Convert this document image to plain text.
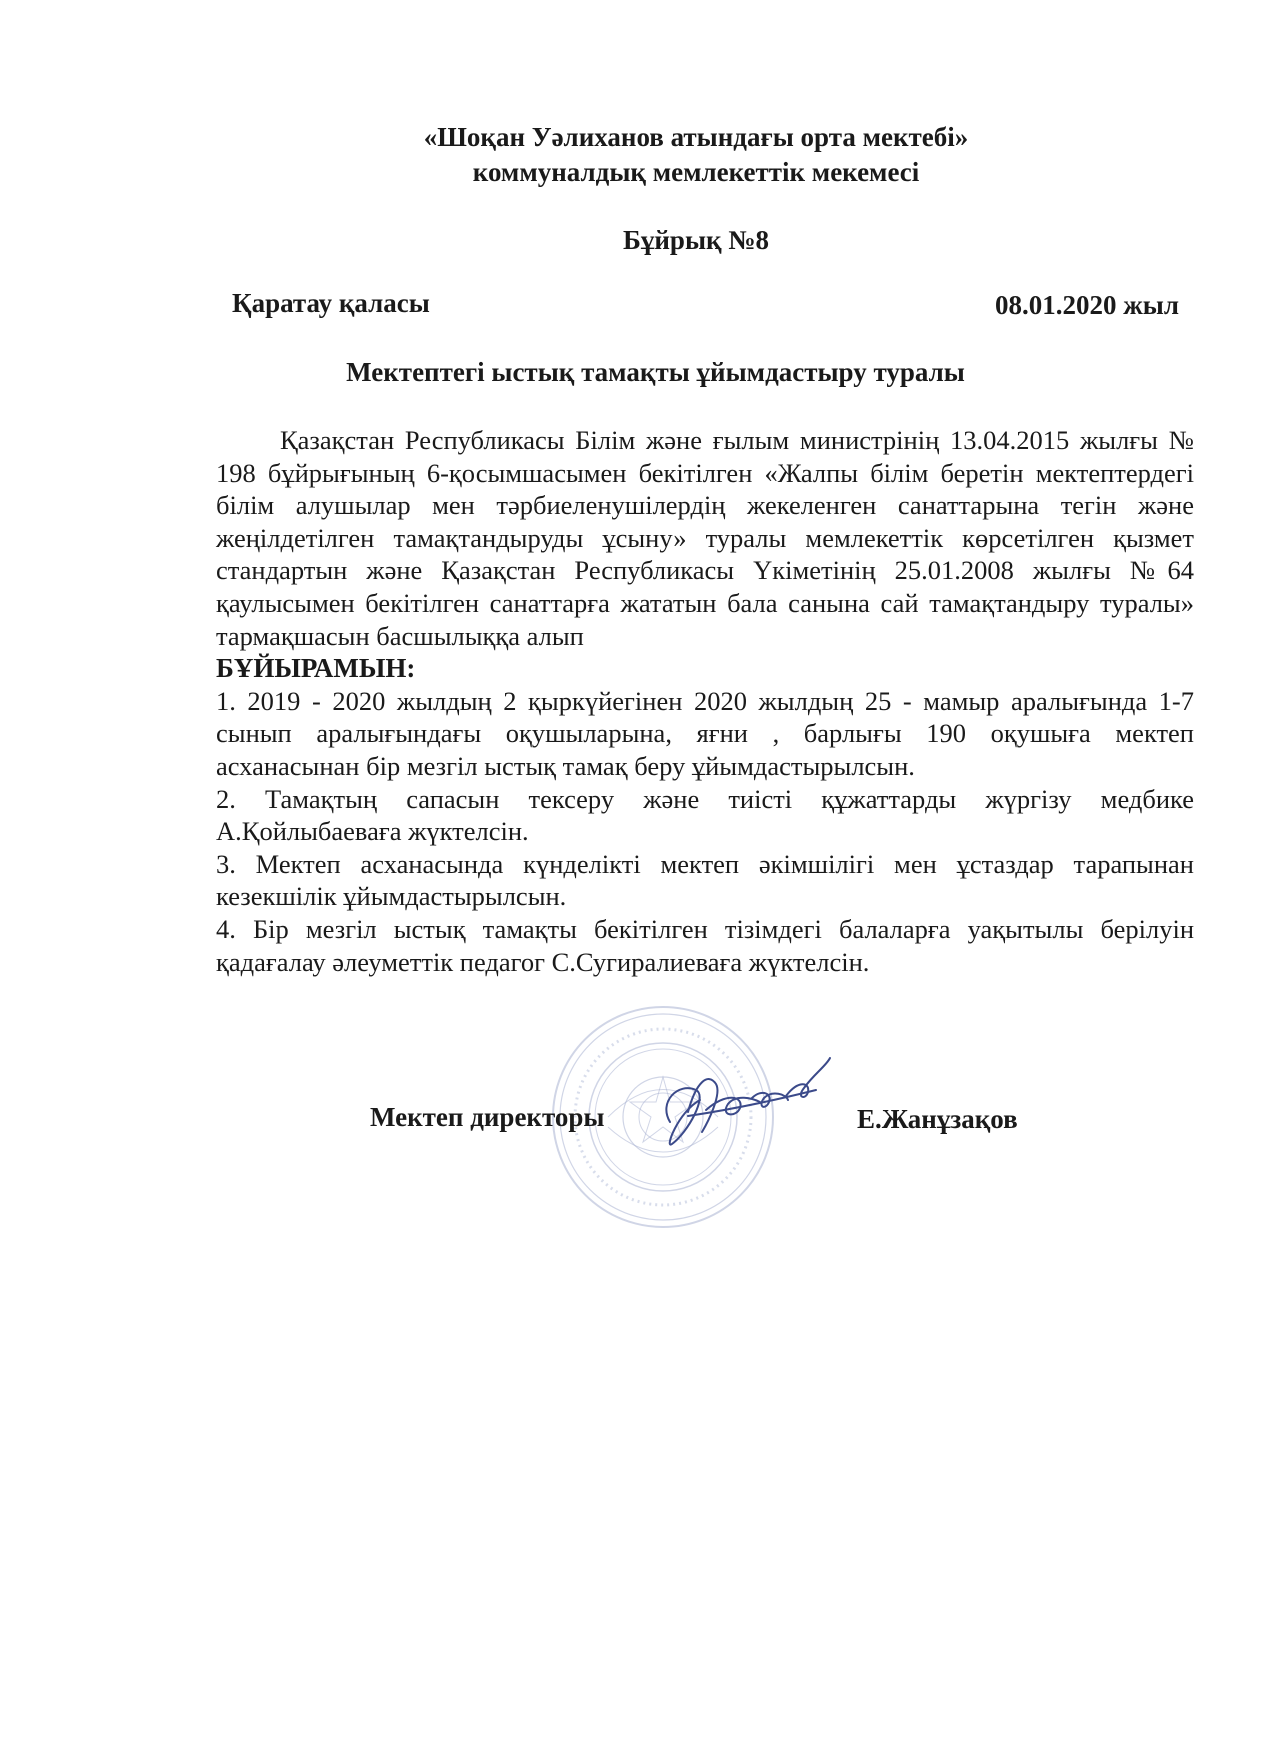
«Шоқан Уәлиханов атындағы орта мектебі»
коммуналдық мемлекеттік мекемесі
Бұйрық №8
Қаратау қаласы	08.01.2020 жыл
Мектептегі ыстық тамақты ұйымдастыру туралы

Қазақстан Республикасы Білім және ғылым министрінің 13.04.2015 жылғы № 198 бұйрығының 6-қосымшасымен бекітілген «Жалпы білім беретін мектептердегі білім алушылар мен тәрбиеленушілердің жекеленген санаттарына тегін және жеңілдетілген тамақтандыруды ұсыну» туралы мемлекеттік көрсетілген қызмет стандартын және Қазақстан Республикасы Үкіметінің 25.01.2008 жылғы №64 қаулысымен бекітілген санаттарға жататын бала санына сай тамақтандыру туралы» тармақшасын басшылыққа алып

БҰЙЫРАМЫН:

1. 2019 - 2020 жылдың 2 қыркүйегінен 2020 жылдың 25 - мамыр аралығында 1-7 сынып аралығындағы оқушыларына, яғни , барлығы 190 оқушыға мектеп асханасынан бір мезгіл ыстық тамақ беру ұйымдастырылсын.
2. Тамақтың сапасын тексеру және тиісті құжаттарды жүргізу медбике А.Қойлыбаеваға жүктелсін.
3. Мектеп асханасында күнделікті мектеп әкімшілігі мен ұстаздар тарапынан кезекшілік ұйымдастырылсын.
4. Бір мезгіл ыстық тамақты бекітілген тізімдегі балаларға уақытылы берілуін қадағалау әлеуметтік педагог С.Сугиралиеваға жүктелсін.
Мектеп директоры	Е.Жанұзақов
